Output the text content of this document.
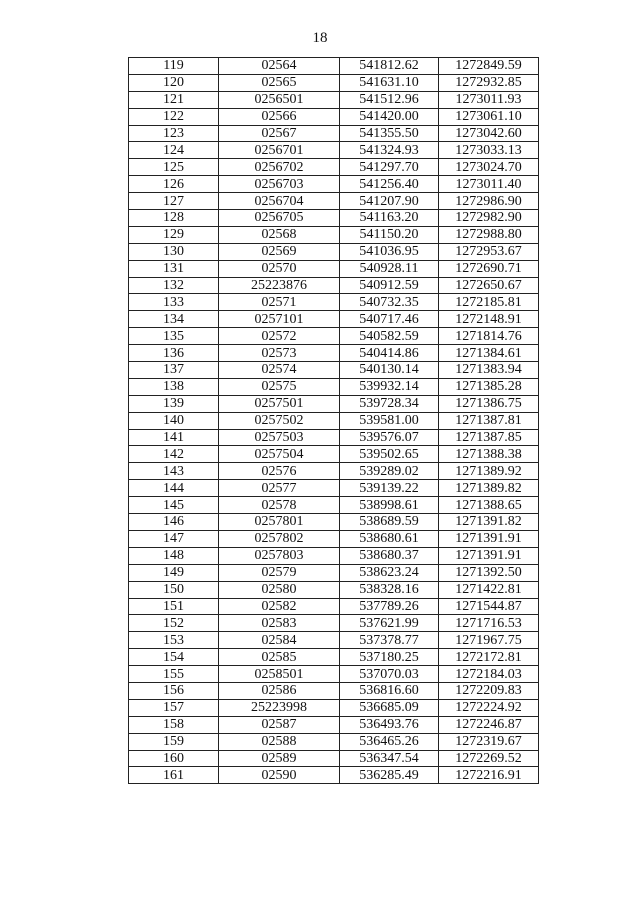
18
119	02564	541812.62	1272849.59
120	02565	541631.10	1272932.85
121	0256501	541512.96	1273011.93
122	02566	541420.00	1273061.10
123	02567	541355.50	1273042.60
124	0256701	541324.93	1273033.13
125	0256702	541297.70	1273024.70
126	0256703	541256.40	1273011.40
127	0256704	541207.90	1272986.90
128	0256705	541163.20	1272982.90
129	02568	541150.20	1272988.80
130	02569	541036.95	1272953.67
131	02570	540928.11	1272690.71
132	25223876	540912.59	1272650.67
133	02571	540732.35	1272185.81
134	0257101	540717.46	1272148.91
135	02572	540582.59	1271814.76
136	02573	540414.86	1271384.61
137	02574	540130.14	1271383.94
138	02575	539932.14	1271385.28
139	0257501	539728.34	1271386.75
140	0257502	539581.00	1271387.81
141	0257503	539576.07	1271387.85
142	0257504	539502.65	1271388.38
143	02576	539289.02	1271389.92
144	02577	539139.22	1271389.82
145	02578	538998.61	1271388.65
146	0257801	538689.59	1271391.82
147	0257802	538680.61	1271391.91
148	0257803	538680.37	1271391.91
149	02579	538623.24	1271392.50
150	02580	538328.16	1271422.81
151	02582	537789.26	1271544.87
152	02583	537621.99	1271716.53
153	02584	537378.77	1271967.75
154	02585	537180.25	1272172.81
155	0258501	537070.03	1272184.03
156	02586	536816.60	1272209.83
157	25223998	536685.09	1272224.92
158	02587	536493.76	1272246.87
159	02588	536465.26	1272319.67
160	02589	536347.54	1272269.52
161	02590	536285.49	1272216.91
